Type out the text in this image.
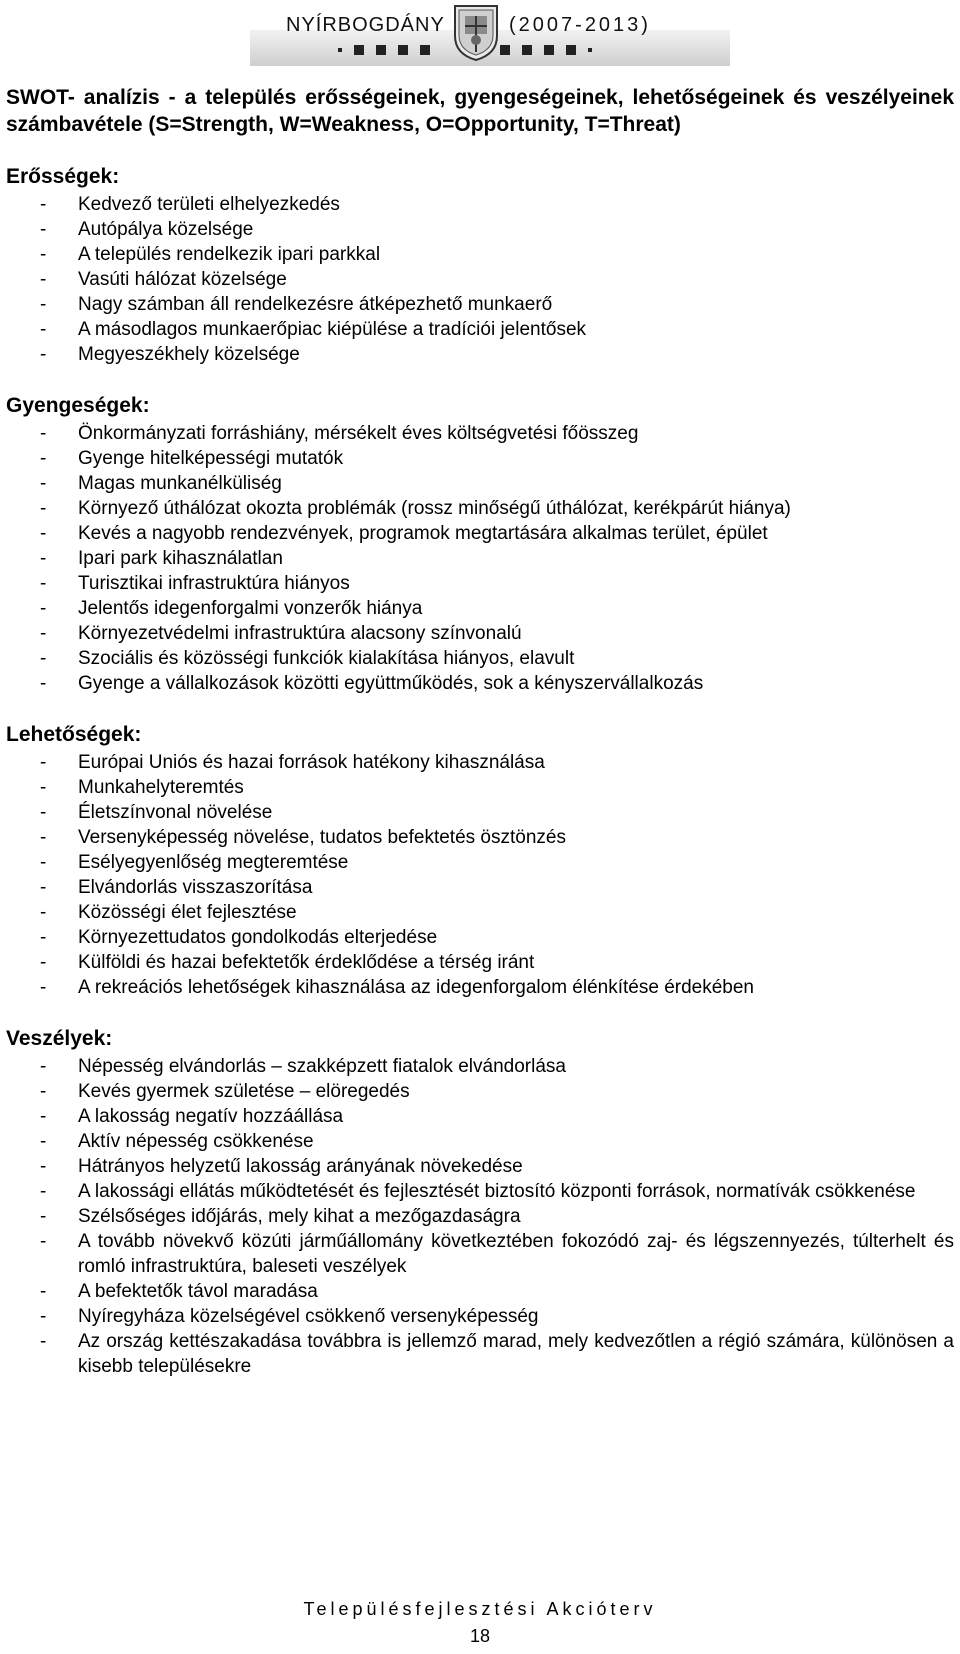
NYÍRBOGDÁNY	(2007-2013)

SWOT- analízis - a település erősségeinek, gyengeségeinek, lehetőségeinek és veszélyeinek számbavétele (S=Strength, W=Weakness, O=Opportunity, T=Threat)

Erősségek:
- Kedvező területi elhelyezkedés
- Autópálya közelsége
- A település rendelkezik ipari parkkal
- Vasúti hálózat közelsége
- Nagy számban áll rendelkezésre átképezhető munkaerő
- A másodlagos munkaerőpiac kiépülése a tradíciói jelentősek
- Megyeszékhely közelsége
Gyengeségek:
- Önkormányzati forráshiány, mérsékelt éves költségvetési főösszeg
- Gyenge hitelképességi mutatók
- Magas munkanélküliség
- Környező úthálózat okozta problémák (rossz minőségű úthálózat, kerékpárút hiánya)
- Kevés a nagyobb rendezvények, programok megtartására alkalmas terület, épület
- Ipari park kihasználatlan
- Turisztikai infrastruktúra hiányos
- Jelentős idegenforgalmi vonzerők hiánya
- Környezetvédelmi infrastruktúra alacsony színvonalú
- Szociális és közösségi funkciók kialakítása hiányos, elavult
- Gyenge a vállalkozások közötti együttműködés, sok a kényszervállalkozás
Lehetőségek:
- Európai Uniós és hazai források hatékony kihasználása
- Munkahelyteremtés
- Életszínvonal növelése
- Versenyképesség növelése, tudatos befektetés ösztönzés
- Esélyegyenlőség megteremtése
- Elvándorlás visszaszorítása
- Közösségi élet fejlesztése
- Környezettudatos gondolkodás elterjedése
- Külföldi és hazai befektetők érdeklődése a térség iránt
- A rekreációs lehetőségek kihasználása az idegenforgalom élénkítése érdekében
Veszélyek:
- Népesség elvándorlás – szakképzett fiatalok elvándorlása
- Kevés gyermek születése – elöregedés
- A lakosság negatív hozzáállása
- Aktív népesség csökkenése
- Hátrányos helyzetű lakosság arányának növekedése
- A lakossági ellátás működtetését és fejlesztését biztosító központi források, normatívák csökkenése
- Szélsőséges időjárás, mely kihat a mezőgazdaságra
- A tovább növekvő közúti járműállomány következtében fokozódó zaj- és légszennyezés, túlterhelt és romló infrastruktúra, baleseti veszélyek
- A befektetők távol maradása
- Nyíregyháza közelségével csökkenő versenyképesség
- Az ország kettészakadása továbbra is jellemző marad, mely kedvezőtlen a régió számára, különösen a kisebb településekre
Településfejlesztési Akcióterv
18
